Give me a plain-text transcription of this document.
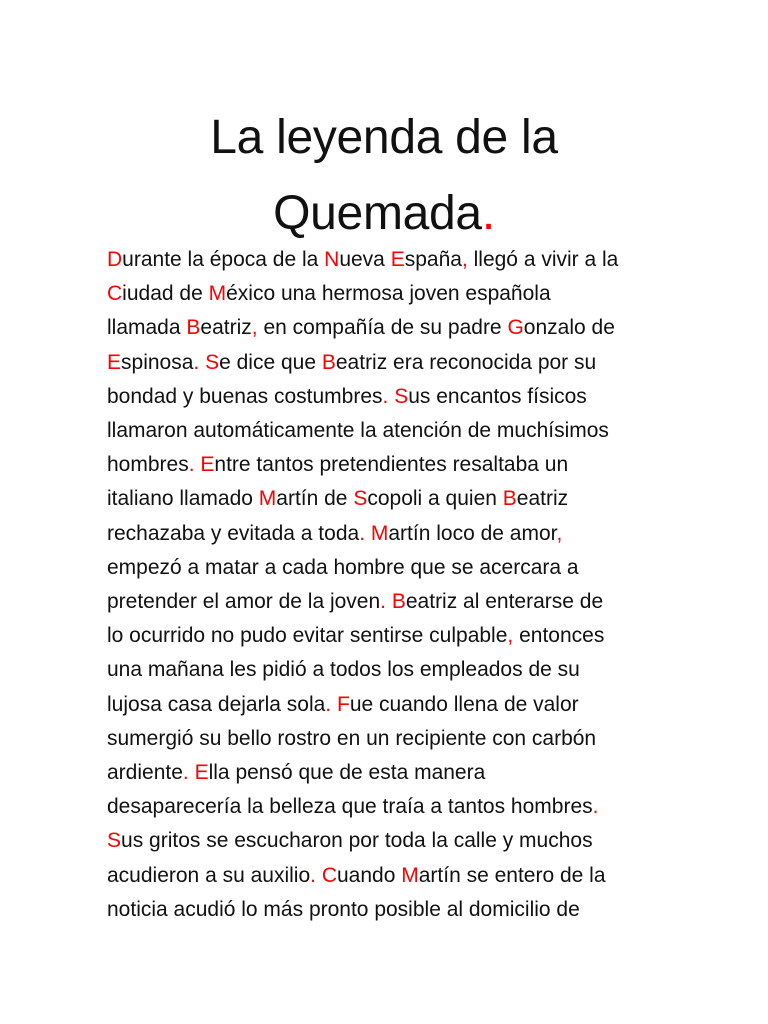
La leyenda de la
Quemada.
Durante la época de la Nueva España, llegó a vivir a la
Ciudad de México una hermosa joven española
llamada Beatriz, en compañía de su padre Gonzalo de
Espinosa. Se dice que Beatriz era reconocida por su
bondad y buenas costumbres. Sus encantos físicos
llamaron automáticamente la atención de muchísimos
hombres. Entre tantos pretendientes resaltaba un
italiano llamado Martín de Scopoli a quien Beatriz
rechazaba y evitada a toda. Martín loco de amor,
empezó a matar a cada hombre que se acercara a
pretender el amor de la joven. Beatriz al enterarse de
lo ocurrido no pudo evitar sentirse culpable, entonces
una mañana les pidió a todos los empleados de su
lujosa casa dejarla sola. Fue cuando llena de valor
sumergió su bello rostro en un recipiente con carbón
ardiente. Ella pensó que de esta manera
desaparecería la belleza que traía a tantos hombres.
Sus gritos se escucharon por toda la calle y muchos
acudieron a su auxilio. Cuando Martín se entero de la
noticia acudió lo más pronto posible al domicilio de
